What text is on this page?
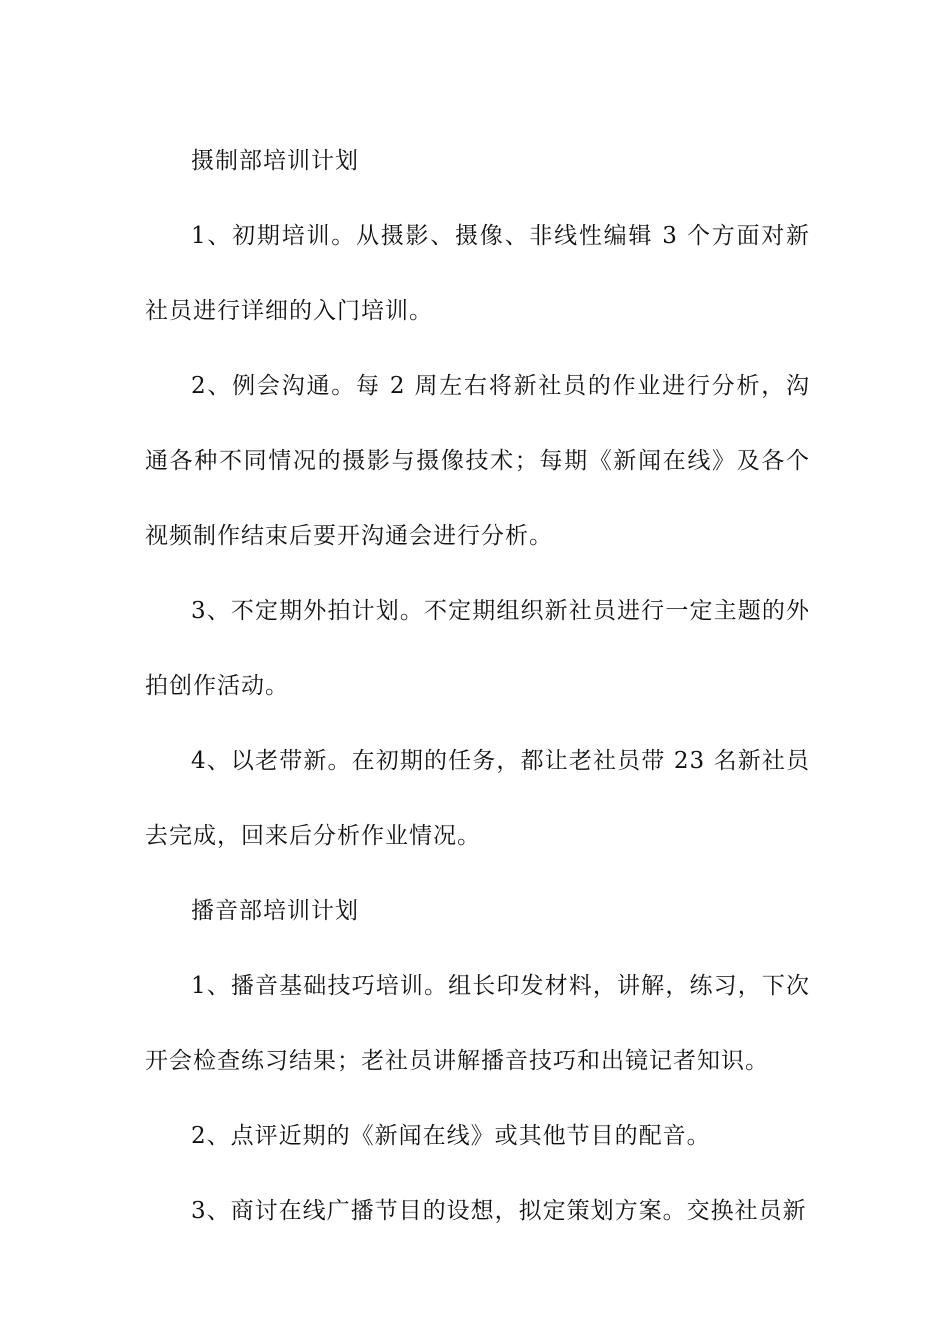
摄制部培训计划

1、初期培训。从摄影、摄像、非线性编辑 3 个方面对新社员进行详细的入门培训。

2、例会沟通。每 2 周左右将新社员的作业进行分析，沟通各种不同情况的摄影与摄像技术；每期《新闻在线》及各个视频制作结束后要开沟通会进行分析。

3、不定期外拍计划。不定期组织新社员进行一定主题的外拍创作活动。

4、以老带新。在初期的任务，都让老社员带 23 名新社员去完成，回来后分析作业情况。

播音部培训计划

1、播音基础技巧培训。组长印发材料，讲解，练习，下次开会检查练习结果；老社员讲解播音技巧和出镜记者知识。

2、点评近期的《新闻在线》或其他节目的配音。

3、商讨在线广播节目的设想，拟定策划方案。交换社员新
